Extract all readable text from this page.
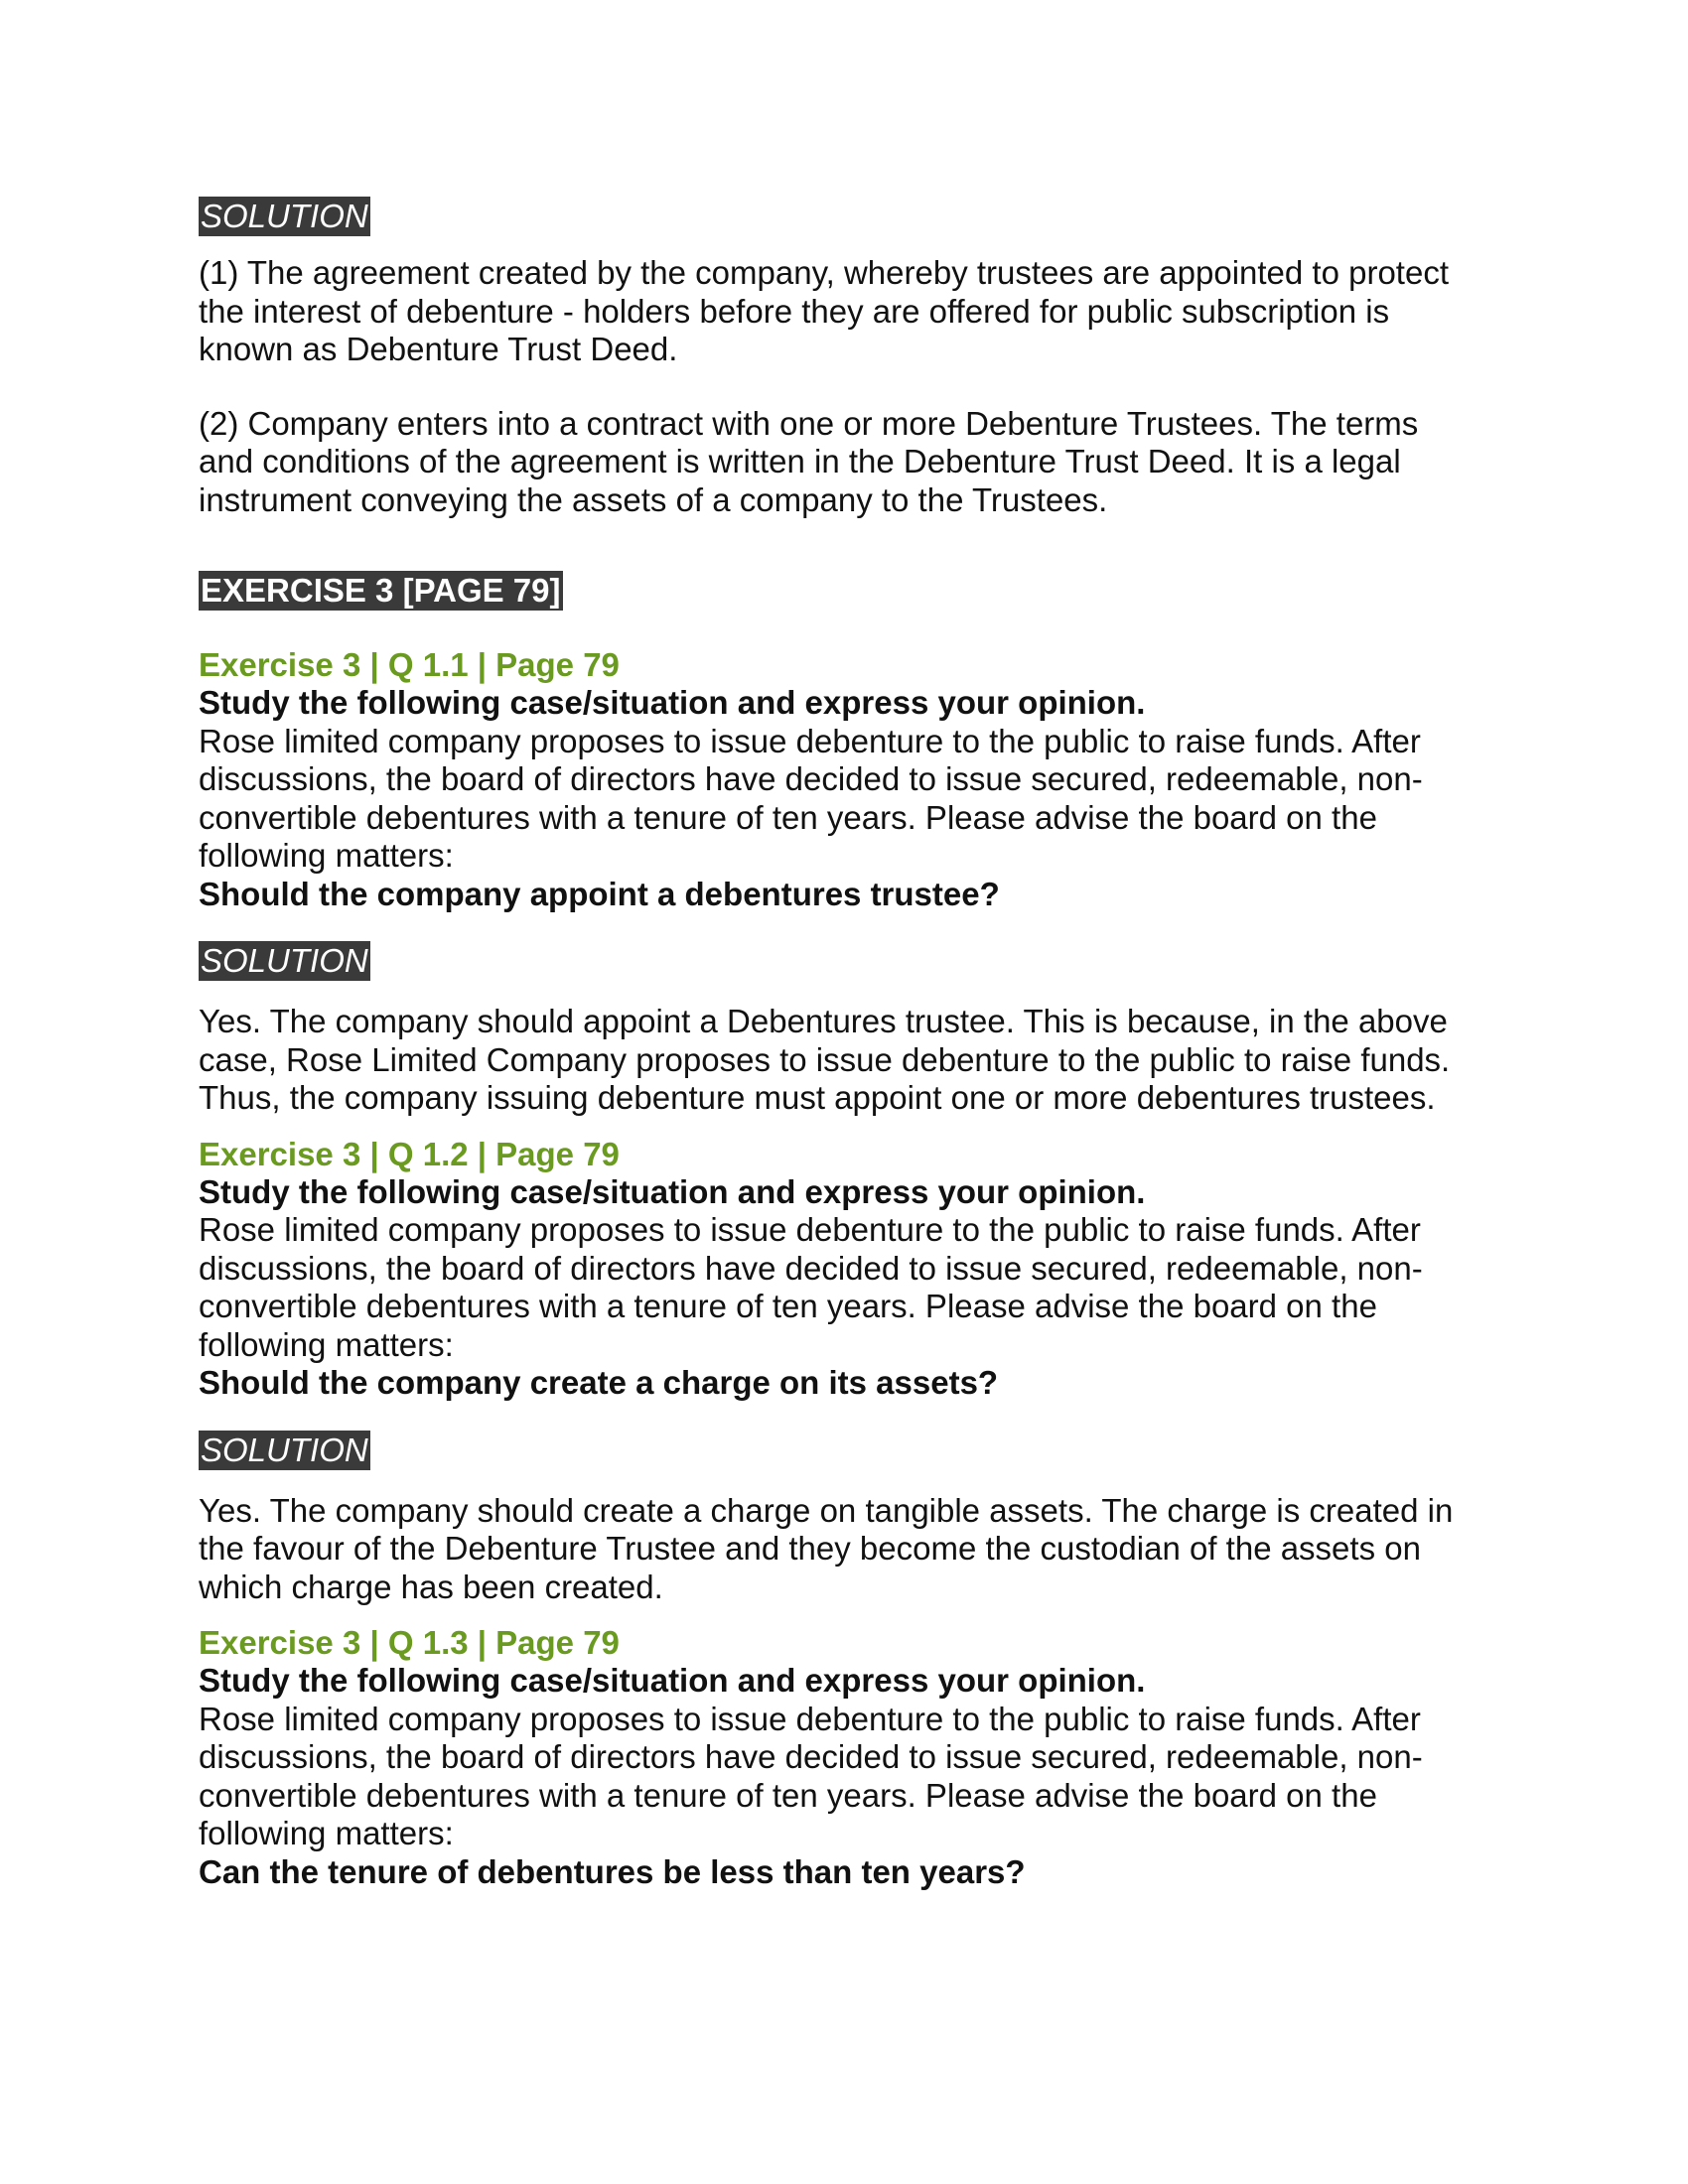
SOLUTION

(1) The agreement created by the company, whereby trustees are appointed to protect
the interest of debenture - holders before they are offered for public subscription is
known as Debenture Trust Deed.

(2) Company enters into a contract with one or more Debenture Trustees. The terms
and conditions of the agreement is written in the Debenture Trust Deed. It is a legal
instrument conveying the assets of a company to the Trustees.

EXERCISE 3 [PAGE 79]

Exercise 3 | Q 1.1 | Page 79

Study the following case/situation and express your opinion.

Rose limited company proposes to issue debenture to the public to raise funds. After
discussions, the board of directors have decided to issue secured, redeemable, non-
convertible debentures with a tenure of ten years. Please advise the board on the
following matters:

Should the company appoint a debentures trustee?

SOLUTION

Yes. The company should appoint a Debentures trustee. This is because, in the above
case, Rose Limited Company proposes to issue debenture to the public to raise funds.
Thus, the company issuing debenture must appoint one or more debentures trustees.

Exercise 3 | Q 1.2 | Page 79

Study the following case/situation and express your opinion.

Rose limited company proposes to issue debenture to the public to raise funds. After
discussions, the board of directors have decided to issue secured, redeemable, non-
convertible debentures with a tenure of ten years. Please advise the board on the
following matters:

Should the company create a charge on its assets?

SOLUTION

Yes. The company should create a charge on tangible assets. The charge is created in
the favour of the Debenture Trustee and they become the custodian of the assets on
which charge has been created.

Exercise 3 | Q 1.3 | Page 79

Study the following case/situation and express your opinion.

Rose limited company proposes to issue debenture to the public to raise funds. After
discussions, the board of directors have decided to issue secured, redeemable, non-
convertible debentures with a tenure of ten years. Please advise the board on the
following matters:

Can the tenure of debentures be less than ten years?
